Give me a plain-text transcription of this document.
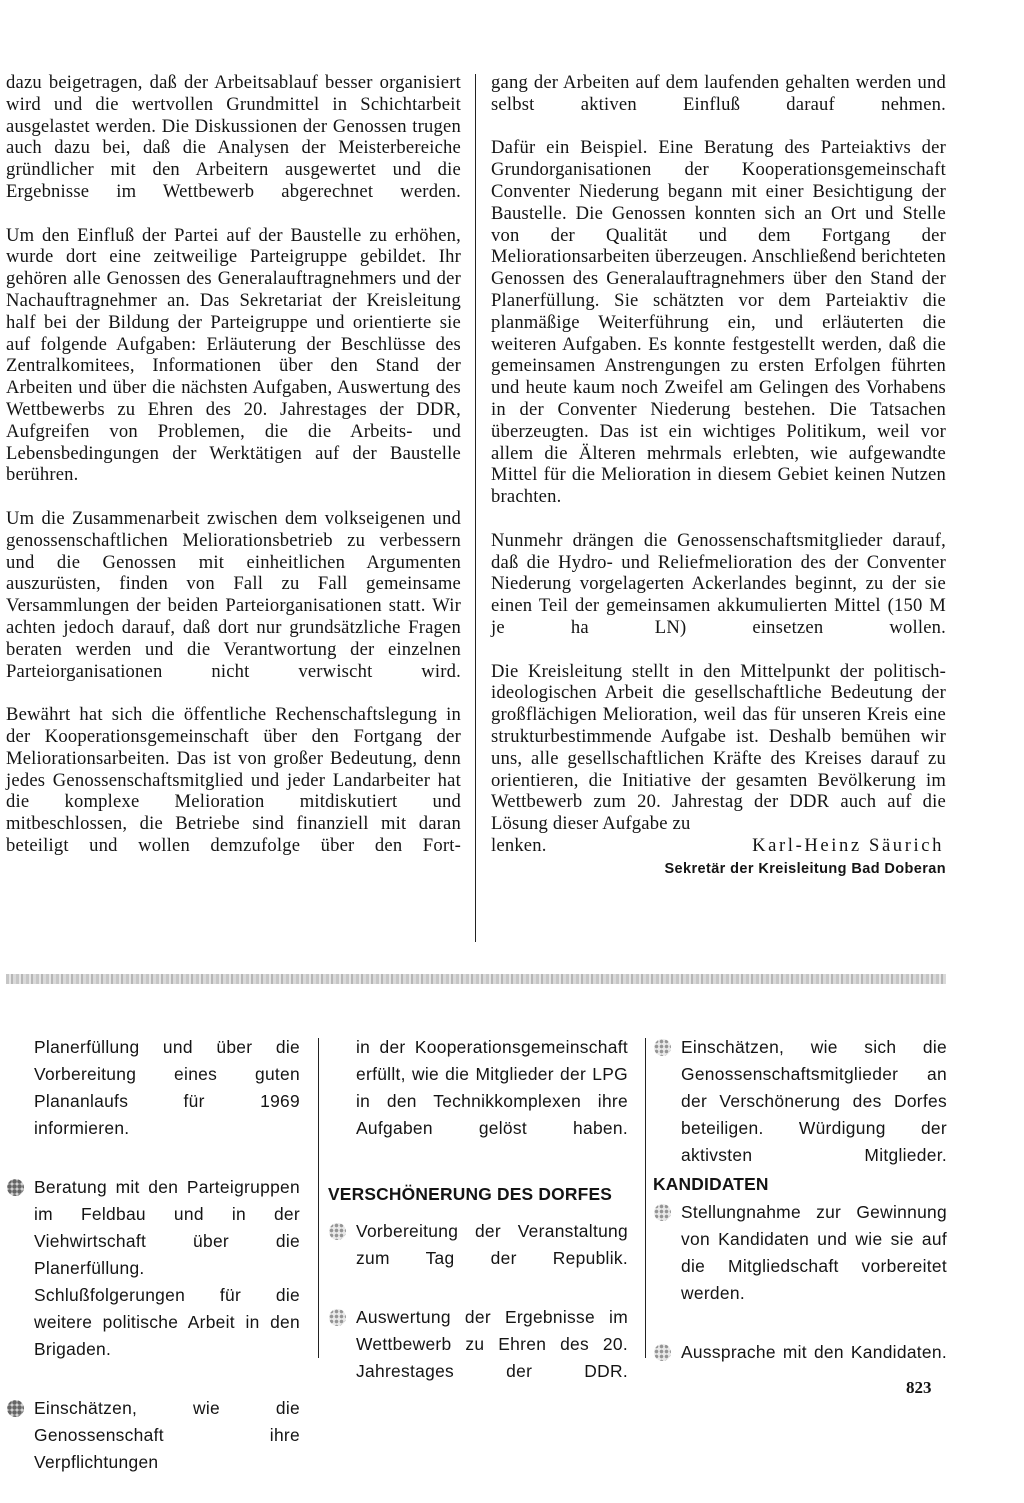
dazu beigetragen, daß der Arbeitsablauf besser organisiert wird und die wertvollen Grundmittel in Schichtarbeit ausgelastet werden. Die Diskussionen der Genossen trugen auch dazu bei, daß die Analysen der Meisterbereiche gründlicher mit den Arbeitern ausgewertet und die Ergebnisse im Wettbewerb abgerechnet werden.

Um den Einfluß der Partei auf der Baustelle zu erhöhen, wurde dort eine zeitweilige Parteigruppe gebildet. Ihr gehören alle Genossen des Generalauftragnehmers und der Nachauftragnehmer an. Das Sekretariat der Kreisleitung half bei der Bildung der Parteigruppe und orientierte sie auf folgende Aufgaben: Erläuterung der Beschlüsse des Zentralkomitees, Informationen über den Stand der Arbeiten und über die nächsten Aufgaben, Auswertung des Wettbewerbs zu Ehren des 20. Jahrestages der DDR, Aufgreifen von Problemen, die die Arbeits- und Lebensbedingungen der Werktätigen auf der Baustelle berühren.

Um die Zusammenarbeit zwischen dem volkseigenen und genossenschaftlichen Meliorationsbetrieb zu verbessern und die Genossen mit einheitlichen Argumenten auszurüsten, finden von Fall zu Fall gemeinsame Versammlungen der beiden Parteiorganisationen statt. Wir achten jedoch darauf, daß dort nur grundsätzliche Fragen beraten werden und die Verantwortung der einzelnen Parteiorganisationen nicht verwischt wird.

Bewährt hat sich die öffentliche Rechenschaftslegung in der Kooperationsgemeinschaft über den Fortgang der Meliorationsarbeiten. Das ist von großer Bedeutung, denn jedes Genossenschaftsmitglied und jeder Landarbeiter hat die komplexe Melioration mitdiskutiert und mitbeschlossen, die Betriebe sind finanziell mit daran beteiligt und wollen demzufolge über den Fort-

gang der Arbeiten auf dem laufenden gehalten werden und selbst aktiven Einfluß darauf nehmen.

Dafür ein Beispiel. Eine Beratung des Parteiaktivs der Grundorganisationen der Kooperationsgemeinschaft Conventer Niederung begann mit einer Besichtigung der Baustelle. Die Genossen konnten sich an Ort und Stelle von der Qualität und dem Fortgang der Meliorationsarbeiten überzeugen. Anschließend berichteten Genossen des Generalauftragnehmers über den Stand der Planerfüllung. Sie schätzten vor dem Parteiaktiv die planmäßige Weiterführung ein, und erläuterten die weiteren Aufgaben. Es konnte festgestellt werden, daß die gemeinsamen Anstrengungen zu ersten Erfolgen führten und heute kaum noch Zweifel am Gelingen des Vorhabens in der Conventer Niederung bestehen. Die Tatsachen überzeugten. Das ist ein wichtiges Politikum, weil vor allem die Älteren mehrmals erlebten, wie aufgewandte Mittel für die Melioration in diesem Gebiet keinen Nutzen brachten.

Nunmehr drängen die Genossenschaftsmitglieder darauf, daß die Hydro- und Reliefmelioration des der Conventer Niederung vorgelagerten Ackerlandes beginnt, zu der sie einen Teil der gemeinsamen akkumulierten Mittel (150 M je ha LN) einsetzen wollen.

Die Kreisleitung stellt in den Mittelpunkt der politisch-ideologischen Arbeit die gesellschaftliche Bedeutung der großflächigen Melioration, weil das für unseren Kreis eine strukturbestimmende Aufgabe ist. Deshalb bemühen wir uns, alle gesellschaftlichen Kräfte des Kreises darauf zu orientieren, die Initiative der gesamten Bevölkerung im Wettbewerb zum 20. Jahrestag der DDR auch auf die Lösung dieser Aufgabe zu

lenken.	Karl-Heinz Säurich
Sekretär der Kreisleitung Bad Doberan

Planerfüllung und über die Vorbereitung eines guten Plananlaufs für 1969 informieren.

Beratung mit den Parteigruppen im Feldbau und in der Viehwirtschaft über die Planerfüllung. Schlußfolgerungen für die weitere politische Arbeit in den Brigaden.

Einschätzen, wie die Genossenschaft ihre Verpflichtungen

in der Kooperationsgemeinschaft erfüllt, wie die Mitglieder der LPG in den Technikkomplexen ihre Aufgaben gelöst haben.

VERSCHÖNERUNG DES DORFES

Vorbereitung der Veranstaltung zum Tag der Republik.

Auswertung der Ergebnisse im Wettbewerb zu Ehren des 20. Jahrestages der DDR.

Einschätzen, wie sich die Genossenschaftsmitglieder an der Verschönerung des Dorfes beteiligen. Würdigung der aktivsten Mitglieder.

KANDIDATEN

Stellungnahme zur Gewinnung von Kandidaten und wie sie auf die Mitgliedschaft vorbereitet werden.

Aussprache mit den Kandidaten.

823
